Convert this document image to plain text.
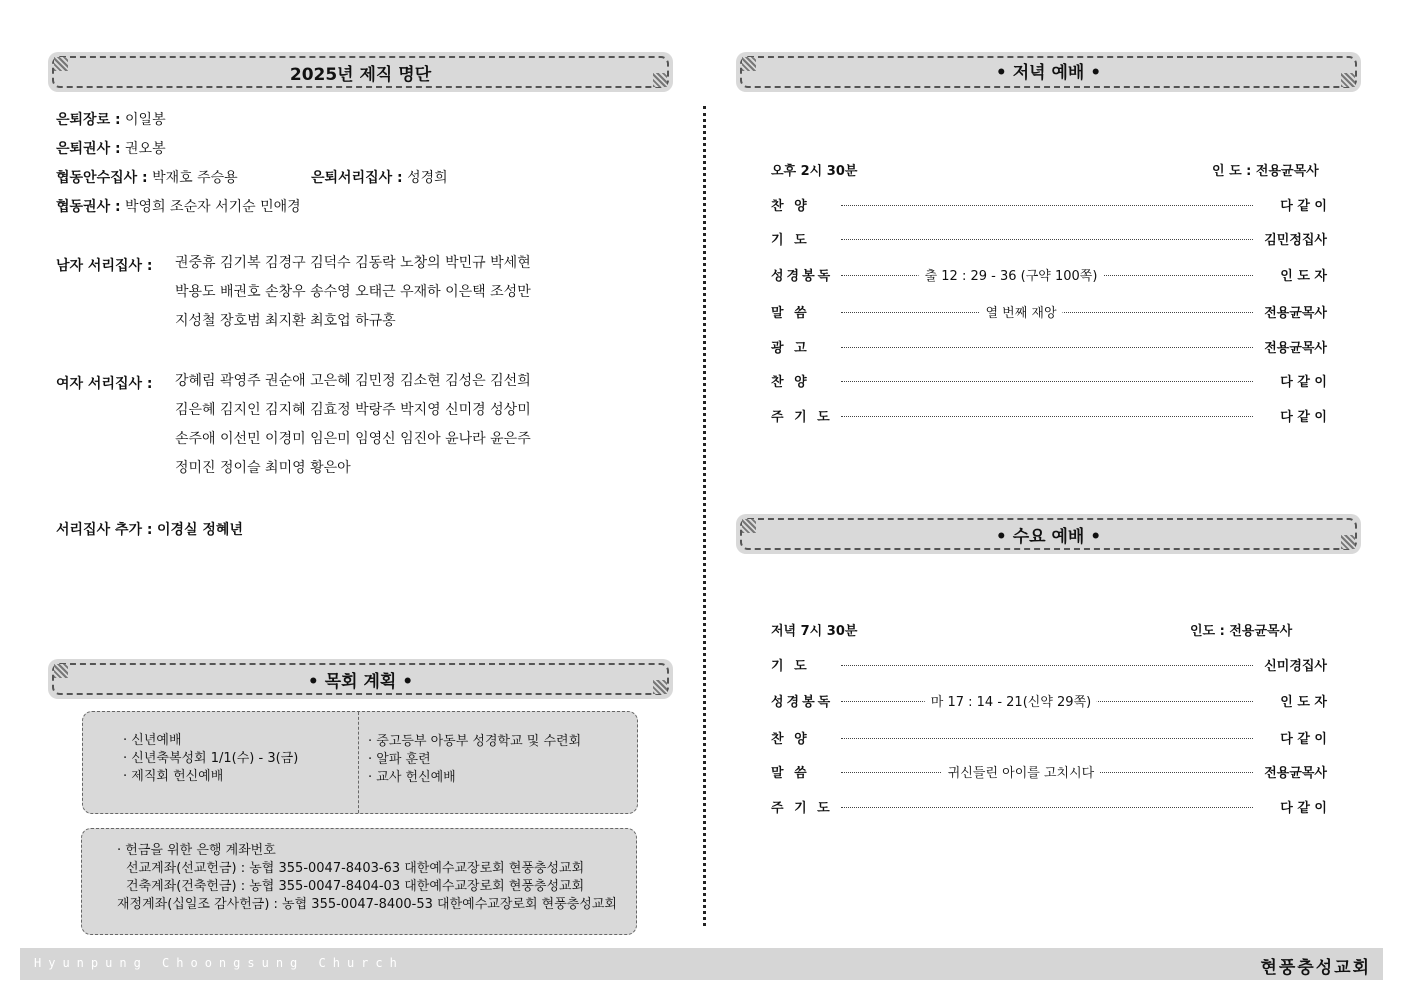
2025년 제직 명단
은퇴장로 : 이일봉
은퇴권사 : 권오봉
협동안수집사 : 박재호 주승용	은퇴서리집사 : 성경희
협동권사 : 박영희 조순자 서기순 민애경
남자 서리집사 : 권중휴 김기복 김경구 김덕수 김동락 노창의 박민규 박세현
박용도 배권호 손창우 송수영 오태근 우재하 이은택 조성만
지성철 장호범 최지환 최호업 하규홍
여자 서리집사 : 강혜림 곽영주 권순애 고은혜 김민정 김소현 김성은 김선희
김은혜 김지인 김지혜 김효정 박랑주 박지영 신미경 성상미
손주애 이선민 이경미 임은미 임영신 임진아 윤나라 윤은주
정미진 정이슬 최미영 황은아
서리집사 추가 : 이경실 정혜년
• 목회 계획 •
· 신년예배
· 신년축복성회 1/1(수) - 3(금)
· 제직회 헌신예배
· 중고등부 아동부 성경학교 및 수련회
· 알파 훈련
· 교사 헌신예배
· 헌금을 위한 은행 계좌번호
선교계좌(선교헌금) : 농협 355-0047-8403-63 대한예수교장로회 현풍충성교회
건축계좌(건축헌금) : 농협 355-0047-8404-03 대한예수교장로회 현풍충성교회
재정계좌(십일조 감사헌금) : 농협 355-0047-8400-53 대한예수교장로회 현풍충성교회
• 저녁 예배 •
오후 2시 30분	인 도 : 전용균목사
찬 양	다 같 이
기 도	김민정집사
성경봉독	출 12 : 29 - 36 (구약 100쪽)	인 도 자
말 씀	열 번째 재앙	전용균목사
광 고	전용균목사
찬 양	다 같 이
주 기 도	다 같 이
• 수요 예배 •
저녁 7시 30분	인도 : 전용균목사
기 도	신미경집사
성경봉독	마 17 : 14 - 21(신약 29쪽)	인 도 자
찬 양	다 같 이
말 씀	귀신들린 아이를 고치시다	전용균목사
주 기 도	다 같 이
Hyunpung Choongsung Church	현풍충성교회
